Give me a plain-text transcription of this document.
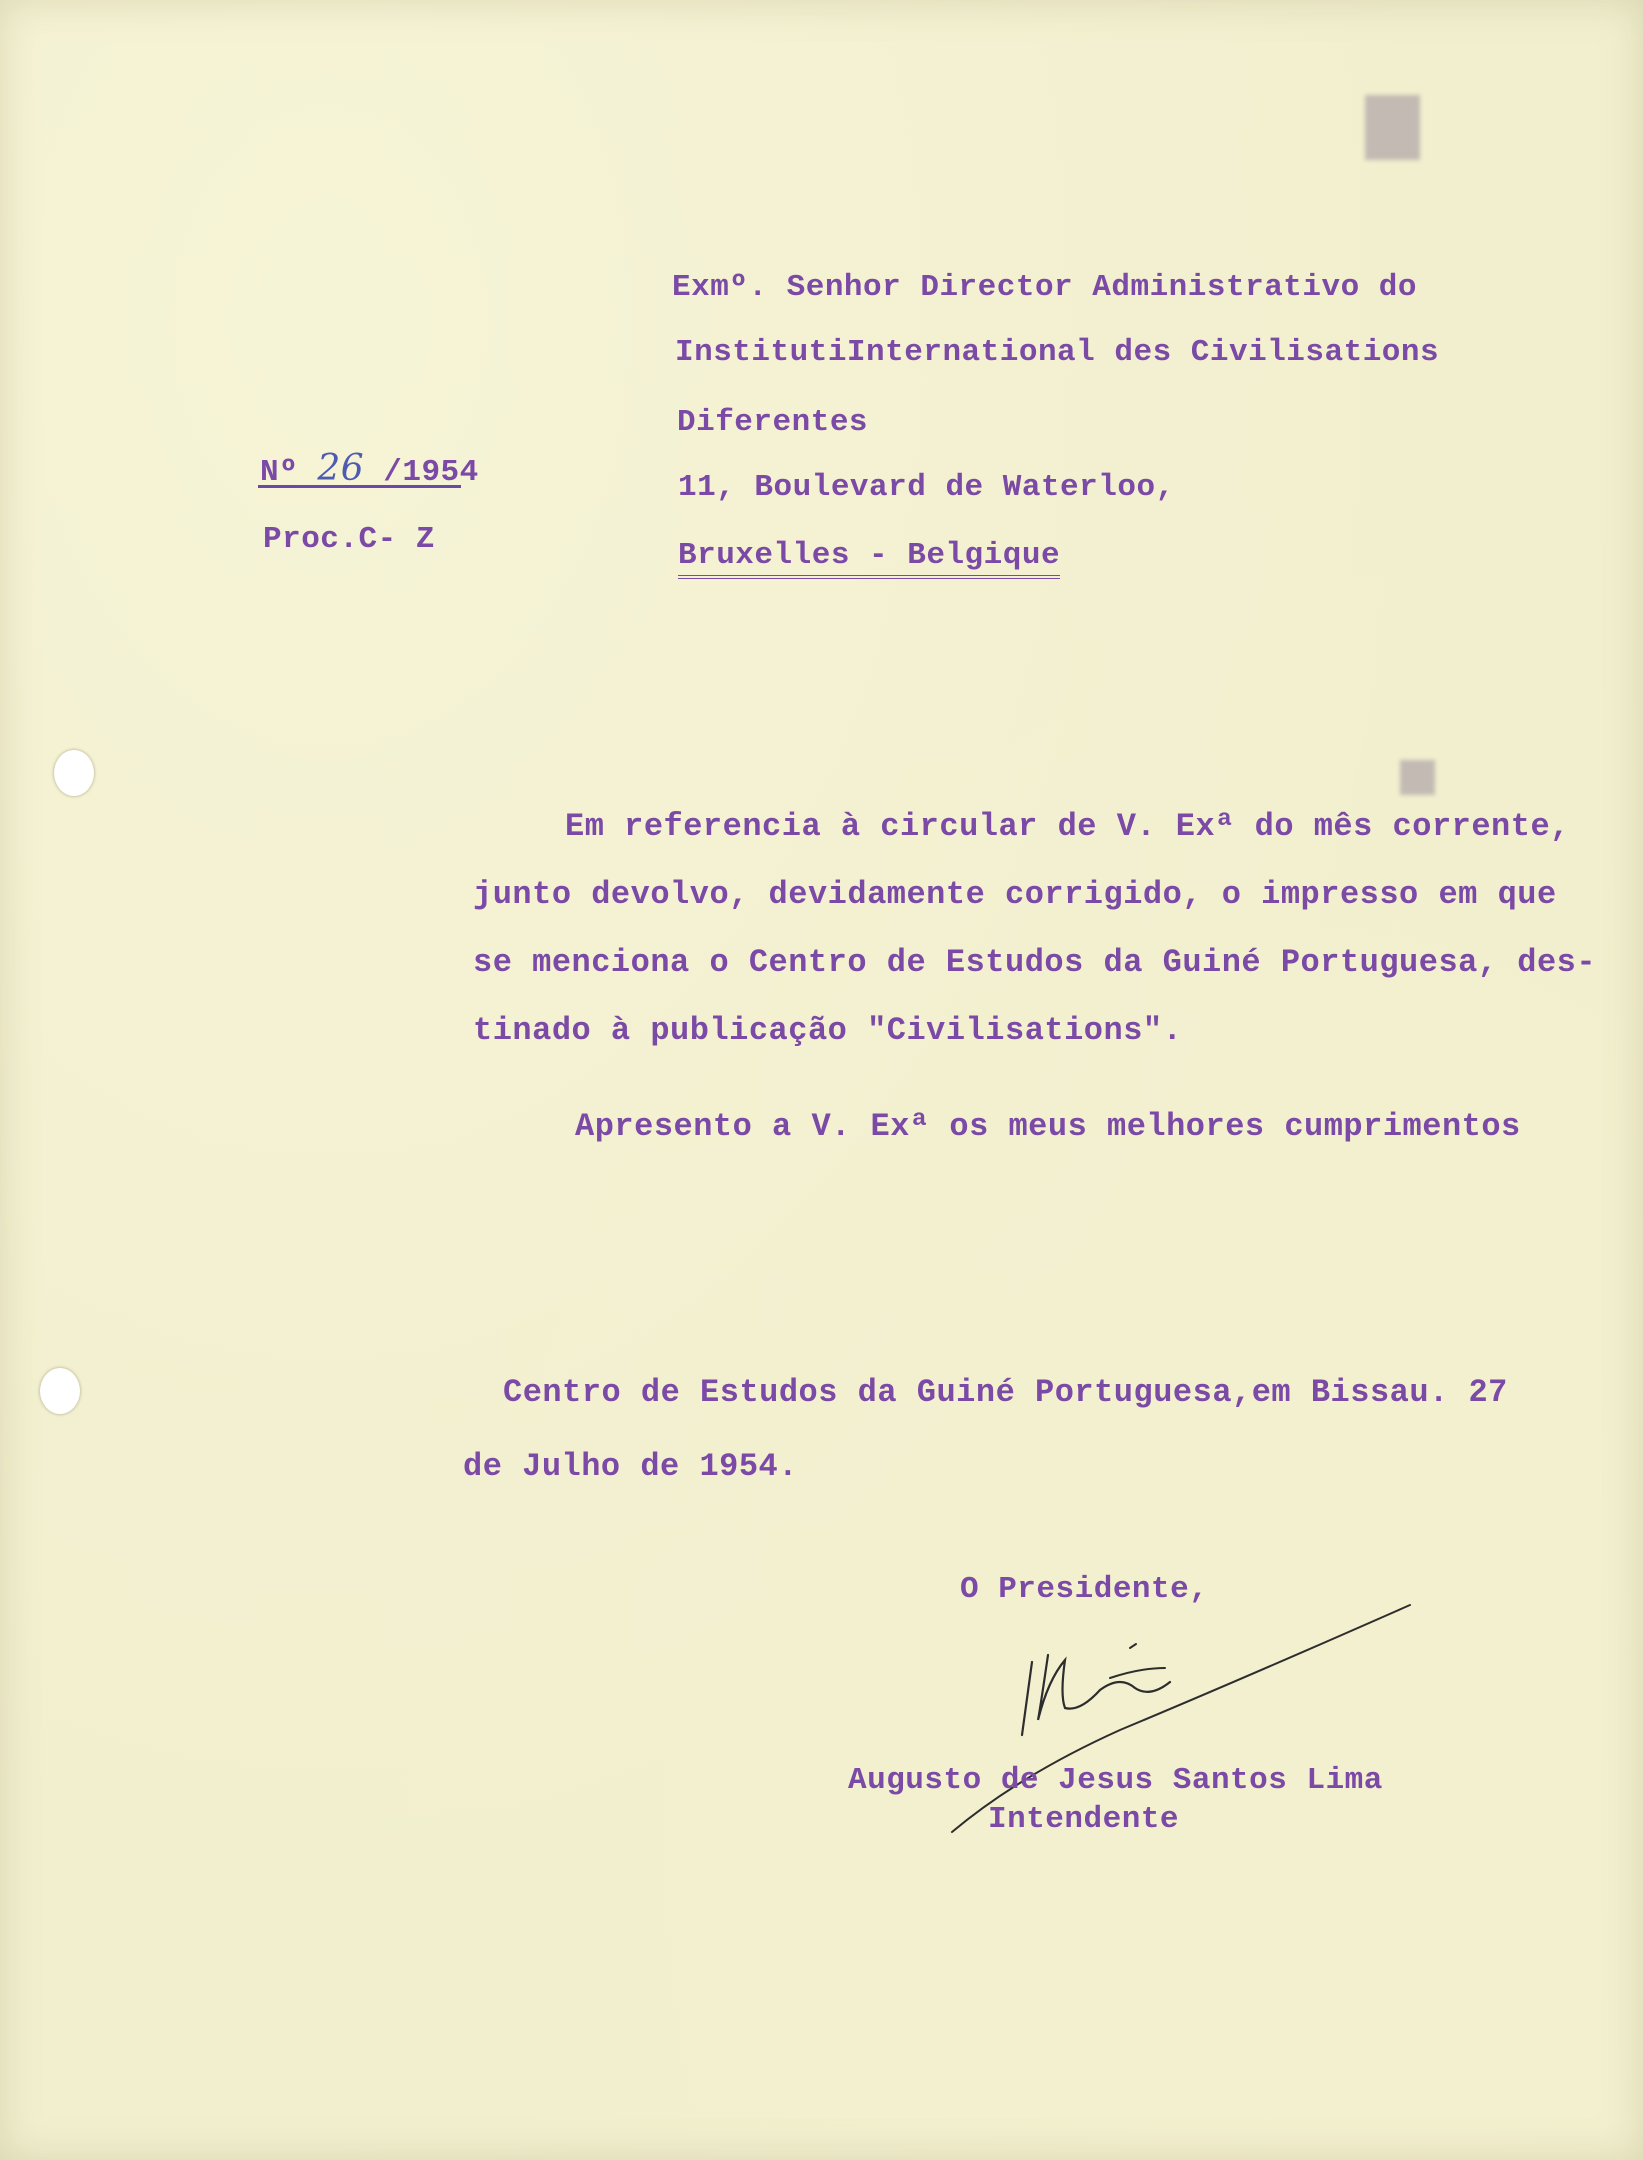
Nº 26 /1954
Proc.C- Z
Exmº. Senhor Director Administrativo do
InstitutiInternational des Civilisations
Diferentes
11, Boulevard de Waterloo,
Bruxelles - Belgique
Em referencia à circular de V. Exª do mês corrente,
junto devolvo, devidamente corrigido, o impresso em que
se menciona o Centro de Estudos da Guiné Portuguesa, des-
tinado à publicação "Civilisations".
Apresento a V. Exª os meus melhores cumprimentos
Centro de Estudos da Guiné Portuguesa,em Bissau. 27
de Julho de 1954.
O Presidente,
Augusto de Jesus Santos Lima
Intendente
